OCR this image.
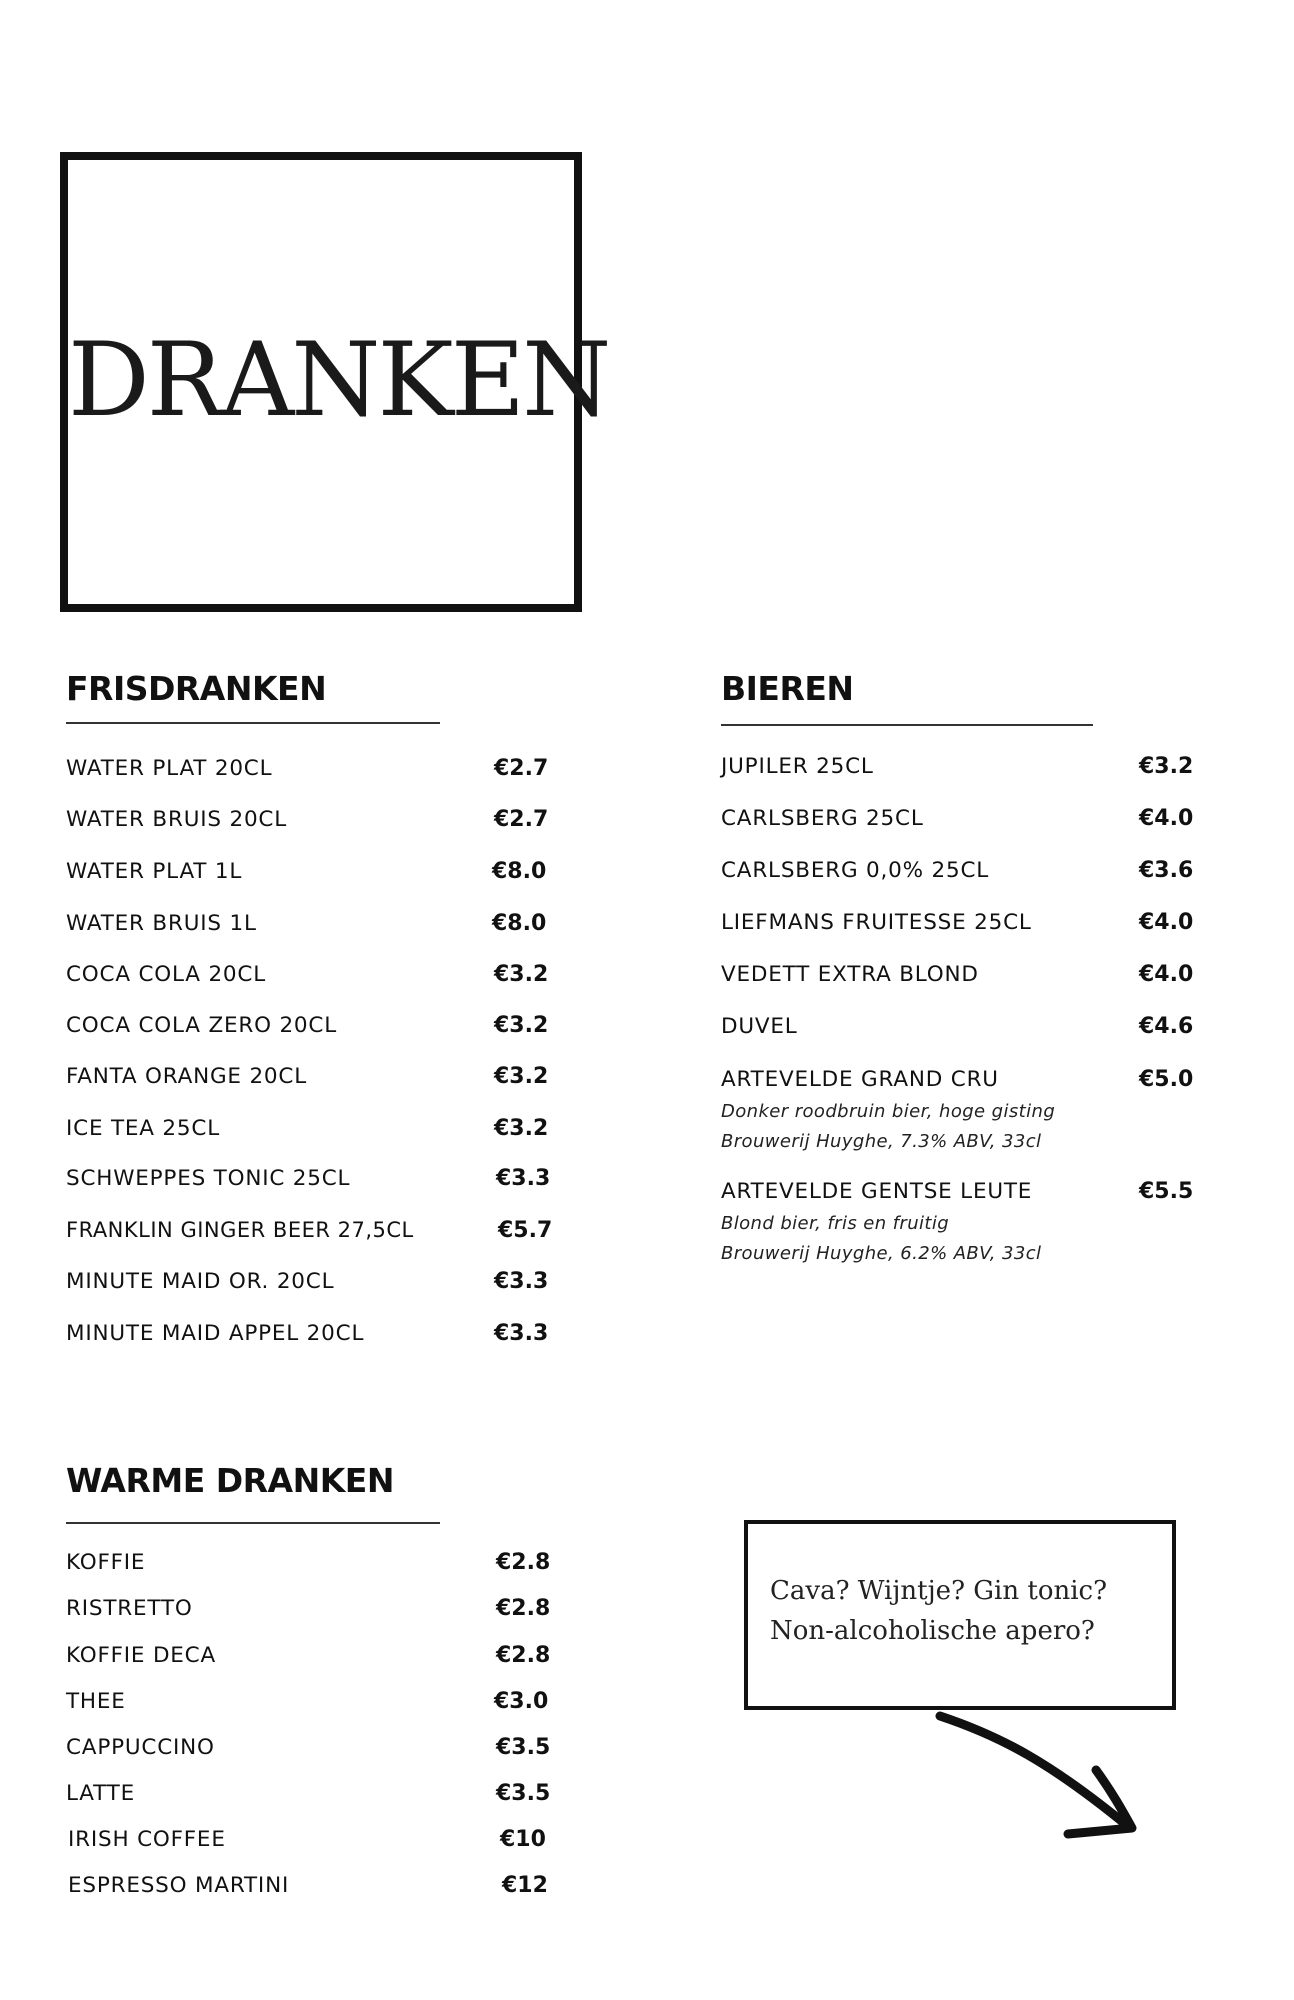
DRANKEN
FRISDRANKEN
WATER PLAT 20CL	€2.7
WATER BRUIS 20CL	€2.7
WATER PLAT 1L	€8.0
WATER BRUIS 1L	€8.0
COCA COLA 20CL	€3.2
COCA COLA ZERO 20CL	€3.2
FANTA ORANGE 20CL	€3.2
ICE TEA 25CL	€3.2
SCHWEPPES TONIC 25CL	€3.3
FRANKLIN GINGER BEER 27,5CL	€5.7
MINUTE MAID OR. 20CL	€3.3
MINUTE MAID APPEL 20CL	€3.3
BIEREN
JUPILER 25CL	€3.2
CARLSBERG 25CL	€4.0
CARLSBERG 0,0% 25CL	€3.6
LIEFMANS FRUITESSE 25CL	€4.0
VEDETT EXTRA BLOND	€4.0
DUVEL	€4.6
ARTEVELDE GRAND CRU	€5.0
Donker roodbruin bier, hoge gisting
Brouwerij Huyghe, 7.3% ABV, 33cl
ARTEVELDE GENTSE LEUTE	€5.5
Blond bier, fris en fruitig
Brouwerij Huyghe, 6.2% ABV, 33cl
WARME DRANKEN
KOFFIE	€2.8
RISTRETTO	€2.8
KOFFIE DECA	€2.8
THEE	€3.0
CAPPUCCINO	€3.5
LATTE	€3.5
IRISH COFFEE	€10
ESPRESSO MARTINI	€12
Cava? Wijntje? Gin tonic?
Non-alcoholische apero?
